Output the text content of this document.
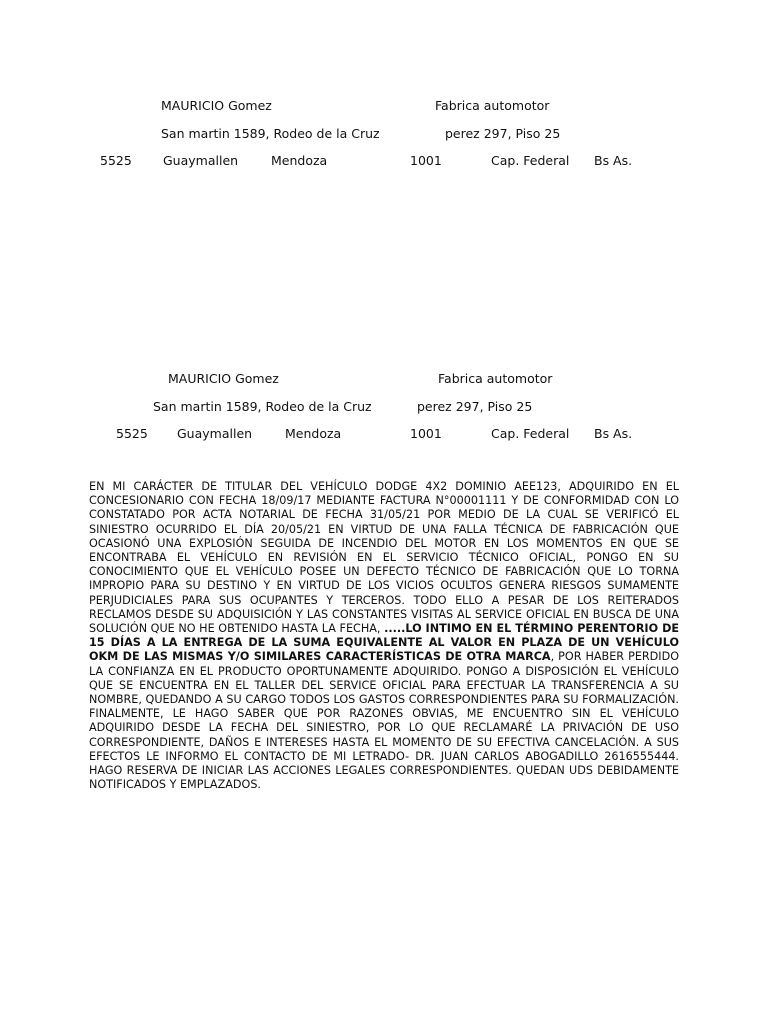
MAURICIO Gomez	Fabrica automotor
San martin 1589, Rodeo de la Cruz	perez 297, Piso 25
5525 Guaymallen	Mendoza	1001	Cap. Federal Bs As.
MAURICIO Gomez	Fabrica automotor
San martin 1589, Rodeo de la Cruz	perez 297, Piso 25
5525 Guaymallen	Mendoza	1001	Cap. Federal Bs As.
EN MI CARÁCTER DE TITULAR DEL VEHÍCULO DODGE 4X2 DOMINIO AEE123, ADQUIRIDO EN EL CONCESIONARIO CON FECHA 18/09/17 MEDIANTE FACTURA N°00001111 Y DE CONFORMIDAD CON LO CONSTATADO POR ACTA NOTARIAL DE FECHA 31/05/21 POR MEDIO DE LA CUAL SE VERIFICÓ EL SINIESTRO OCURRIDO EL DÍA 20/05/21 EN VIRTUD DE UNA FALLA TÉCNICA DE FABRICACIÓN QUE OCASIONÓ UNA EXPLOSIÓN SEGUIDA DE INCENDIO DEL MOTOR EN LOS MOMENTOS EN QUE SE ENCONTRABA EL VEHÍCULO EN REVISIÓN EN EL SERVICIO TÉCNICO OFICIAL, PONGO EN SU CONOCIMIENTO QUE EL VEHÍCULO POSEE UN DEFECTO TÉCNICO DE FABRICACIÓN QUE LO TORNA IMPROPIO PARA SU DESTINO Y EN VIRTUD DE LOS VICIOS OCULTOS GENERA RIESGOS SUMAMENTE PERJUDICIALES PARA SUS OCUPANTES Y TERCEROS. TODO ELLO A PESAR DE LOS REITERADOS RECLAMOS DESDE SU ADQUISICIÓN Y LAS CONSTANTES VISITAS AL SERVICE OFICIAL EN BUSCA DE UNA SOLUCIÓN QUE NO HE OBTENIDO HASTA LA FECHA, .....LO INTIMO EN EL TÉRMINO PERENTORIO DE 15 DÍAS A LA ENTREGA DE LA SUMA EQUIVALENTE AL VALOR EN PLAZA DE UN VEHÍCULO OKM DE LAS MISMAS Y/O SIMILARES CARACTERÍSTICAS DE OTRA MARCA, POR HABER PERDIDO LA CONFIANZA EN EL PRODUCTO OPORTUNAMENTE ADQUIRIDO. PONGO A DISPOSICIÓN EL VEHÍCULO QUE SE ENCUENTRA EN EL TALLER DEL SERVICE OFICIAL PARA EFECTUAR LA TRANSFERENCIA A SU NOMBRE, QUEDANDO A SU CARGO TODOS LOS GASTOS CORRESPONDIENTES PARA SU FORMALIZACIÓN. FINALMENTE, LE HAGO SABER QUE POR RAZONES OBVIAS, ME ENCUENTRO SIN EL VEHÍCULO ADQUIRIDO DESDE LA FECHA DEL SINIESTRO, POR LO QUE RECLAMARÉ LA PRIVACIÓN DE USO CORRESPONDIENTE, DAÑOS E INTERESES HASTA EL MOMENTO DE SU EFECTIVA CANCELACIÓN. A SUS EFECTOS LE INFORMO EL CONTACTO DE MI LETRADO- DR. JUAN CARLOS ABOGADILLO 2616555444. HAGO RESERVA DE INICIAR LAS ACCIONES LEGALES CORRESPONDIENTES. QUEDAN UDS DEBIDAMENTE NOTIFICADOS Y EMPLAZADOS.
